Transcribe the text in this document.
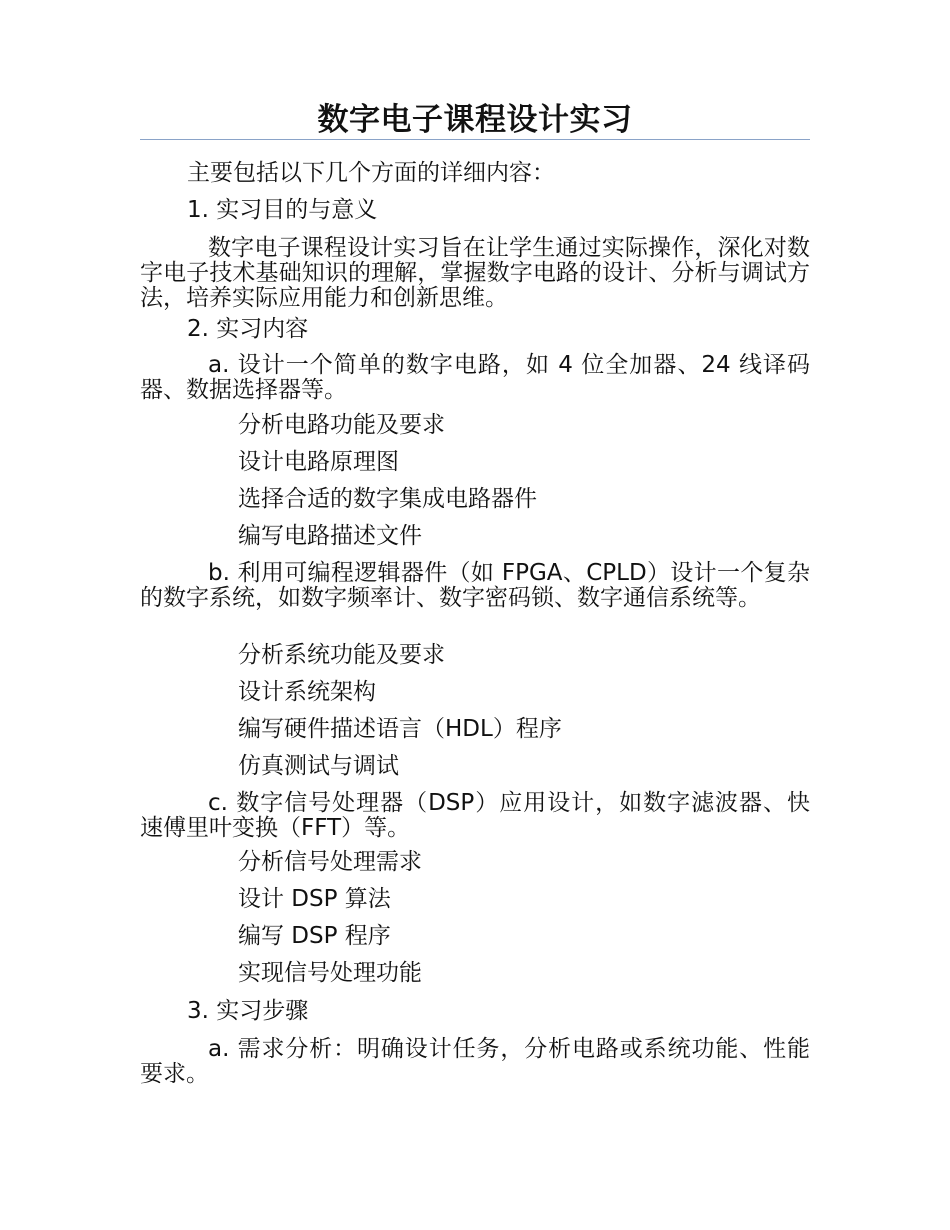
数字电子课程设计实习
主要包括以下几个方面的详细内容：
1. 实习目的与意义
数字电子课程设计实习旨在让学生通过实际操作，深化对数字电子技术基础知识的理解，掌握数字电路的设计、分析与调试方法，培养实际应用能力和创新思维。
2. 实习内容
a. 设计一个简单的数字电路，如 4 位全加器、24 线译码器、数据选择器等。
分析电路功能及要求
设计电路原理图
选择合适的数字集成电路器件
编写电路描述文件
b. 利用可编程逻辑器件（如 FPGA、CPLD）设计一个复杂的数字系统，如数字频率计、数字密码锁、数字通信系统等。
分析系统功能及要求
设计系统架构
编写硬件描述语言（HDL）程序
仿真测试与调试
c. 数字信号处理器（DSP）应用设计，如数字滤波器、快速傅里叶变换（FFT）等。
分析信号处理需求
设计 DSP 算法
编写 DSP 程序
实现信号处理功能
3. 实习步骤
a. 需求分析：明确设计任务，分析电路或系统功能、性能要求。
